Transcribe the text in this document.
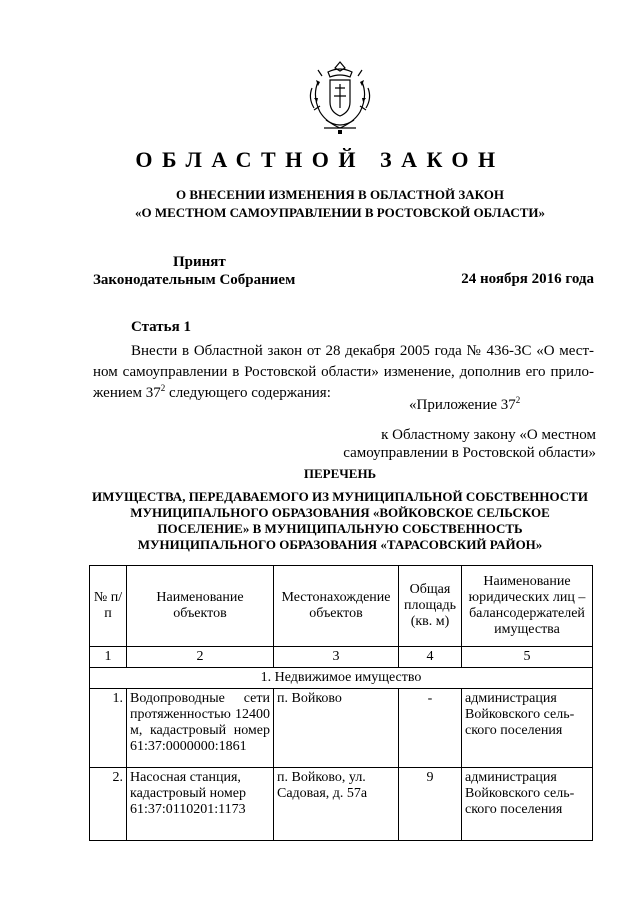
ОБЛАСТНОЙ ЗАКОН
О ВНЕСЕНИИ ИЗМЕНЕНИЯ В ОБЛАСТНОЙ ЗАКОН
«О МЕСТНОМ САМОУПРАВЛЕНИИ В РОСТОВСКОЙ ОБЛАСТИ»
Принят
Законодательным Собранием	24 ноября 2016 года
Статья 1

Внести в Областной закон от 28 декабря 2005 года № 436-ЗС «О местном самоуправлении в Ростовской области» изменение, дополнив его приложением $37^2$ следующего содержания:

«Приложение $37^2$
к Областному закону «О местном
самоуправлении в Ростовской области»
ПЕРЕЧЕНЬ
ИМУЩЕСТВА, ПЕРЕДАВАЕМОГО ИЗ МУНИЦИПАЛЬНОЙ СОБСТВЕННОСТИ
МУНИЦИПАЛЬНОГО ОБРАЗОВАНИЯ «ВОЙКОВСКОЕ СЕЛЬСКОЕ
ПОСЕЛЕНИЕ» В МУНИЦИПАЛЬНУЮ СОБСТВЕННОСТЬ
МУНИЦИПАЛЬНОГО ОБРАЗОВАНИЯ «ТАРАСОВСКИЙ РАЙОН»
№ п/п	Наименование объектов	Местонахождение объектов	Общая площадь (кв. м)	Наименование юридических лиц – балансодержателей имущества
1	2	3	4	5
1. Недвижимое имущество				
1.	Водопроводные сети протяженностью 12400 м, кадастровый номер 61:37:0000000:1861	п. Войково	-	администрация Войковского сельского поселения
2.	Насосная станция, кадастровый номер 61:37:0110201:1173	п. Войково, ул. Садовая, д. 57а	9	администрация Войковского сельского поселения
